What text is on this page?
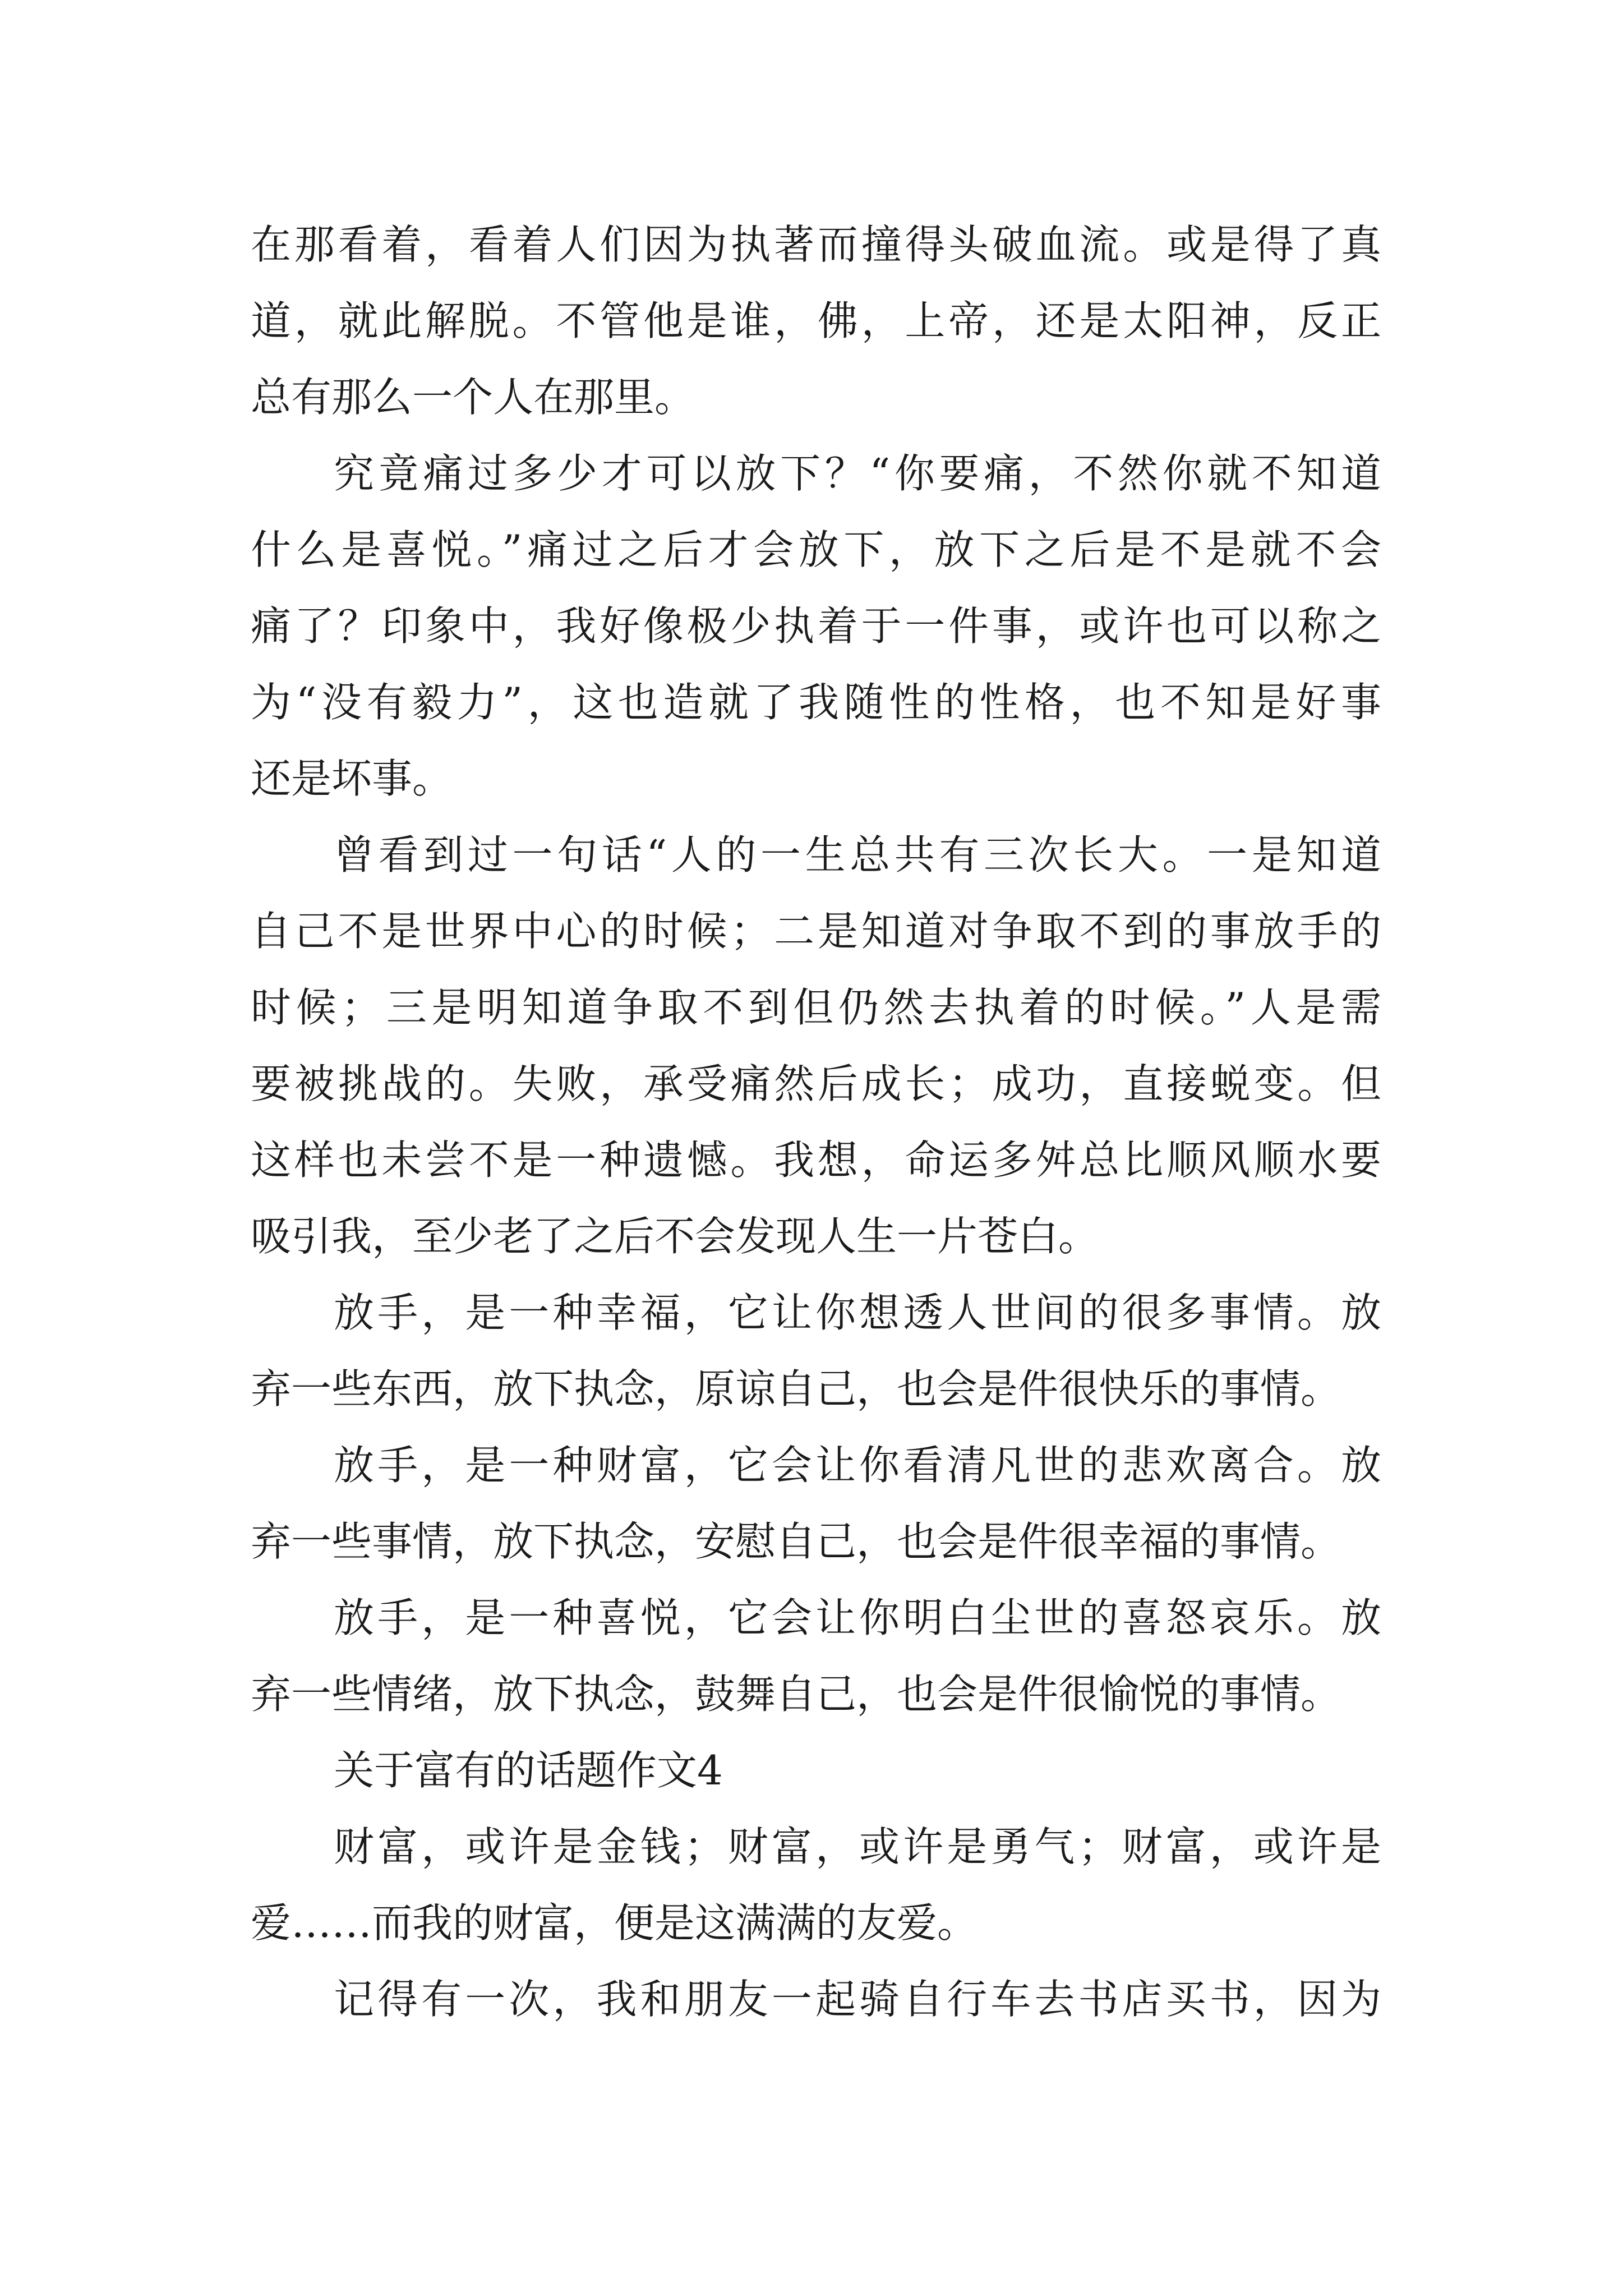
在那看着，看着人们因为执著而撞得头破血流。或是得了真
道，就此解脱。不管他是谁，佛，上帝，还是太阳神，反正
总有那么一个人在那里。
究竟痛过多少才可以放下？“你要痛，不然你就不知道
什么是喜悦。”痛过之后才会放下，放下之后是不是就不会
痛了？印象中，我好像极少执着于一件事，或许也可以称之
为“没有毅力”，这也造就了我随性的性格，也不知是好事
还是坏事。
曾看到过一句话“人的一生总共有三次长大。一是知道
自己不是世界中心的时候；二是知道对争取不到的事放手的
时候；三是明知道争取不到但仍然去执着的时候。”人是需
要被挑战的。失败，承受痛然后成长；成功，直接蜕变。但
这样也未尝不是一种遗憾。我想，命运多舛总比顺风顺水要
吸引我，至少老了之后不会发现人生一片苍白。
放手，是一种幸福，它让你想透人世间的很多事情。放
弃一些东西，放下执念，原谅自己，也会是件很快乐的事情。
放手，是一种财富，它会让你看清凡世的悲欢离合。放
弃一些事情，放下执念，安慰自己，也会是件很幸福的事情。
放手，是一种喜悦，它会让你明白尘世的喜怒哀乐。放
弃一些情绪，放下执念，鼓舞自己，也会是件很愉悦的事情。
关于富有的话题作文4
财富，或许是金钱；财富，或许是勇气；财富，或许是
爱……而我的财富，便是这满满的友爱。
记得有一次，我和朋友一起骑自行车去书店买书，因为
